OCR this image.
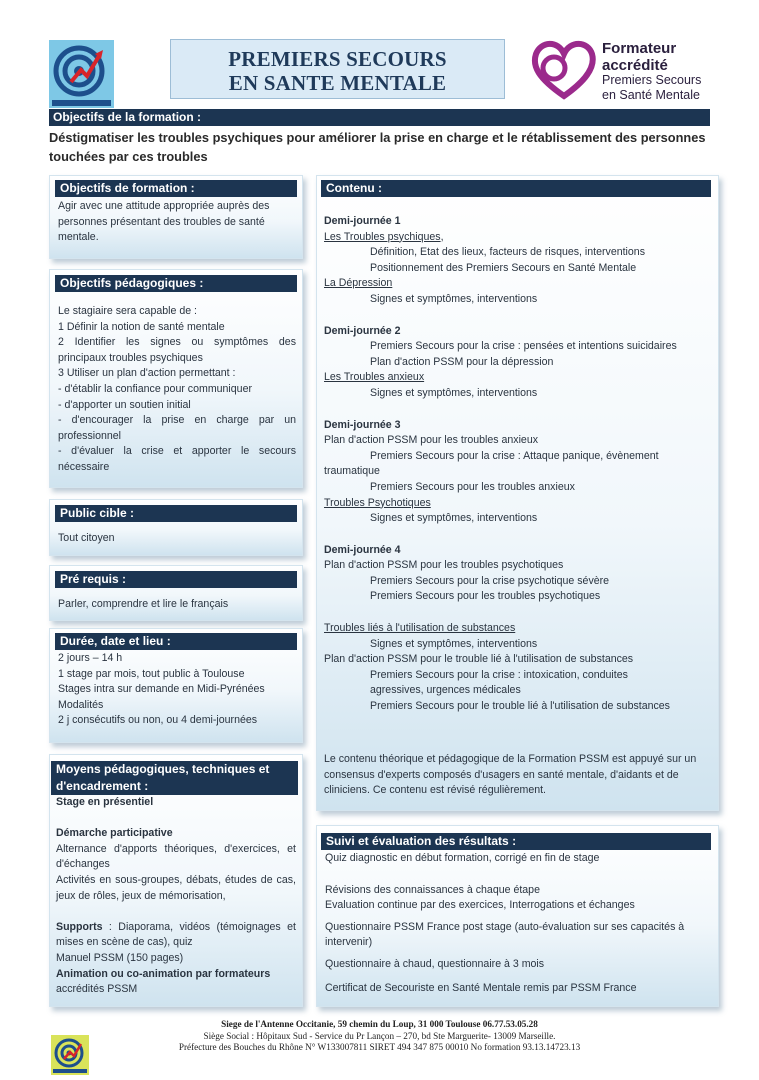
PREMIERS SECOURS
EN SANTE MENTALE
Formateur
accrédité
Premiers Secours
en Santé Mentale
Objectifs de la formation :
Déstigmatiser les troubles psychiques pour améliorer la prise en charge et le rétablissement des personnes touchées par ces troubles
Objectifs de formation :
Agir avec une attitude appropriée auprès des personnes présentant des troubles de santé mentale.
Objectifs pédagogiques :
Le stagiaire sera capable de :
1 Définir la notion de santé mentale
2 Identifier les signes ou symptômes des principaux troubles psychiques
3 Utiliser un plan d'action permettant :
- d'établir la confiance pour communiquer
- d'apporter un soutien initial
- d'encourager la prise en charge par un professionnel
- d'évaluer la crise et apporter le secours nécessaire
Public cible :
Tout citoyen
Pré requis :
Parler, comprendre et lire le français
Durée, date et lieu :
2 jours – 14 h
1 stage par mois, tout public à Toulouse
Stages intra sur demande en Midi-Pyrénées
Modalités
2 j consécutifs ou non, ou 4 demi-journées
Moyens pédagogiques, techniques et d'encadrement :
Stage en présentiel
Démarche participative
Alternance d'apports théoriques, d'exercices, et d'échanges
Activités en sous-groupes, débats, études de cas, jeux de rôles, jeux de mémorisation,
Supports : Diaporama, vidéos (témoignages et mises en scène de cas), quiz
Manuel PSSM (150 pages)
Animation ou co-animation par formateurs
accrédités PSSM
Contenu :
Demi-journée 1
Les Troubles psychiques,
Définition, Etat des lieux, facteurs de risques, interventions
Positionnement des Premiers Secours en Santé Mentale
La Dépression
Signes et symptômes, interventions
Demi-journée 2
Premiers Secours pour la crise : pensées et intentions suicidaires
Plan d'action PSSM pour la dépression
Les Troubles anxieux
Signes et symptômes, interventions
Demi-journée 3
Plan d'action PSSM pour les troubles anxieux
Premiers Secours pour la crise : Attaque panique, évènement
traumatique
Premiers Secours pour les troubles anxieux
Troubles Psychotiques
Signes et symptômes, interventions
Demi-journée 4
Plan d'action PSSM pour les troubles psychotiques
Premiers Secours pour la crise psychotique sévère
Premiers Secours pour les troubles psychotiques
Troubles liés à l'utilisation de substances
Signes et symptômes, interventions
Plan d'action PSSM pour le trouble lié à l'utilisation de substances
Premiers Secours pour la crise : intoxication, conduites
agressives, urgences médicales
Premiers Secours pour le trouble lié à l'utilisation de substances
Le contenu théorique et pédagogique de la Formation PSSM est appuyé sur un consensus d'experts composés d'usagers en santé mentale, d'aidants et de cliniciens. Ce contenu est révisé régulièrement.
Suivi et évaluation des résultats :
Quiz diagnostic en début formation, corrigé en fin de stage
Révisions des connaissances à chaque étape
Evaluation continue par des exercices, Interrogations et échanges
Questionnaire PSSM France post stage (auto-évaluation sur ses capacités à intervenir)
Questionnaire à chaud, questionnaire à 3 mois
Certificat de Secouriste en Santé Mentale remis par PSSM France
Siege de l'Antenne Occitanie, 59 chemin du Loup, 31 000 Toulouse 06.77.53.05.28
Siège Social : Hôpitaux Sud - Service du Pr Lançon – 270, bd Ste Marguerite- 13009 Marseille.
Préfecture des Bouches du Rhône N° W133007811 SIRET 494 347 875 00010 No formation 93.13.14723.13
